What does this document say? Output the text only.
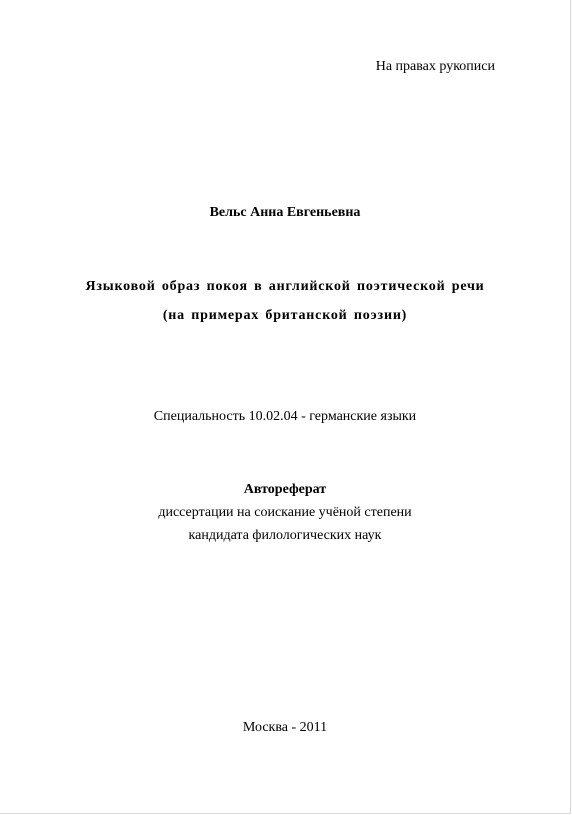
На правах рукописи
Вельс Анна Евгеньевна
Языковой образ покоя в английской поэтической речи
(на примерах британской поэзии)
Специальность 10.02.04 - германские языки
Автореферат
диссертации на соискание учёной степени
кандидата филологических наук
Москва - 2011
